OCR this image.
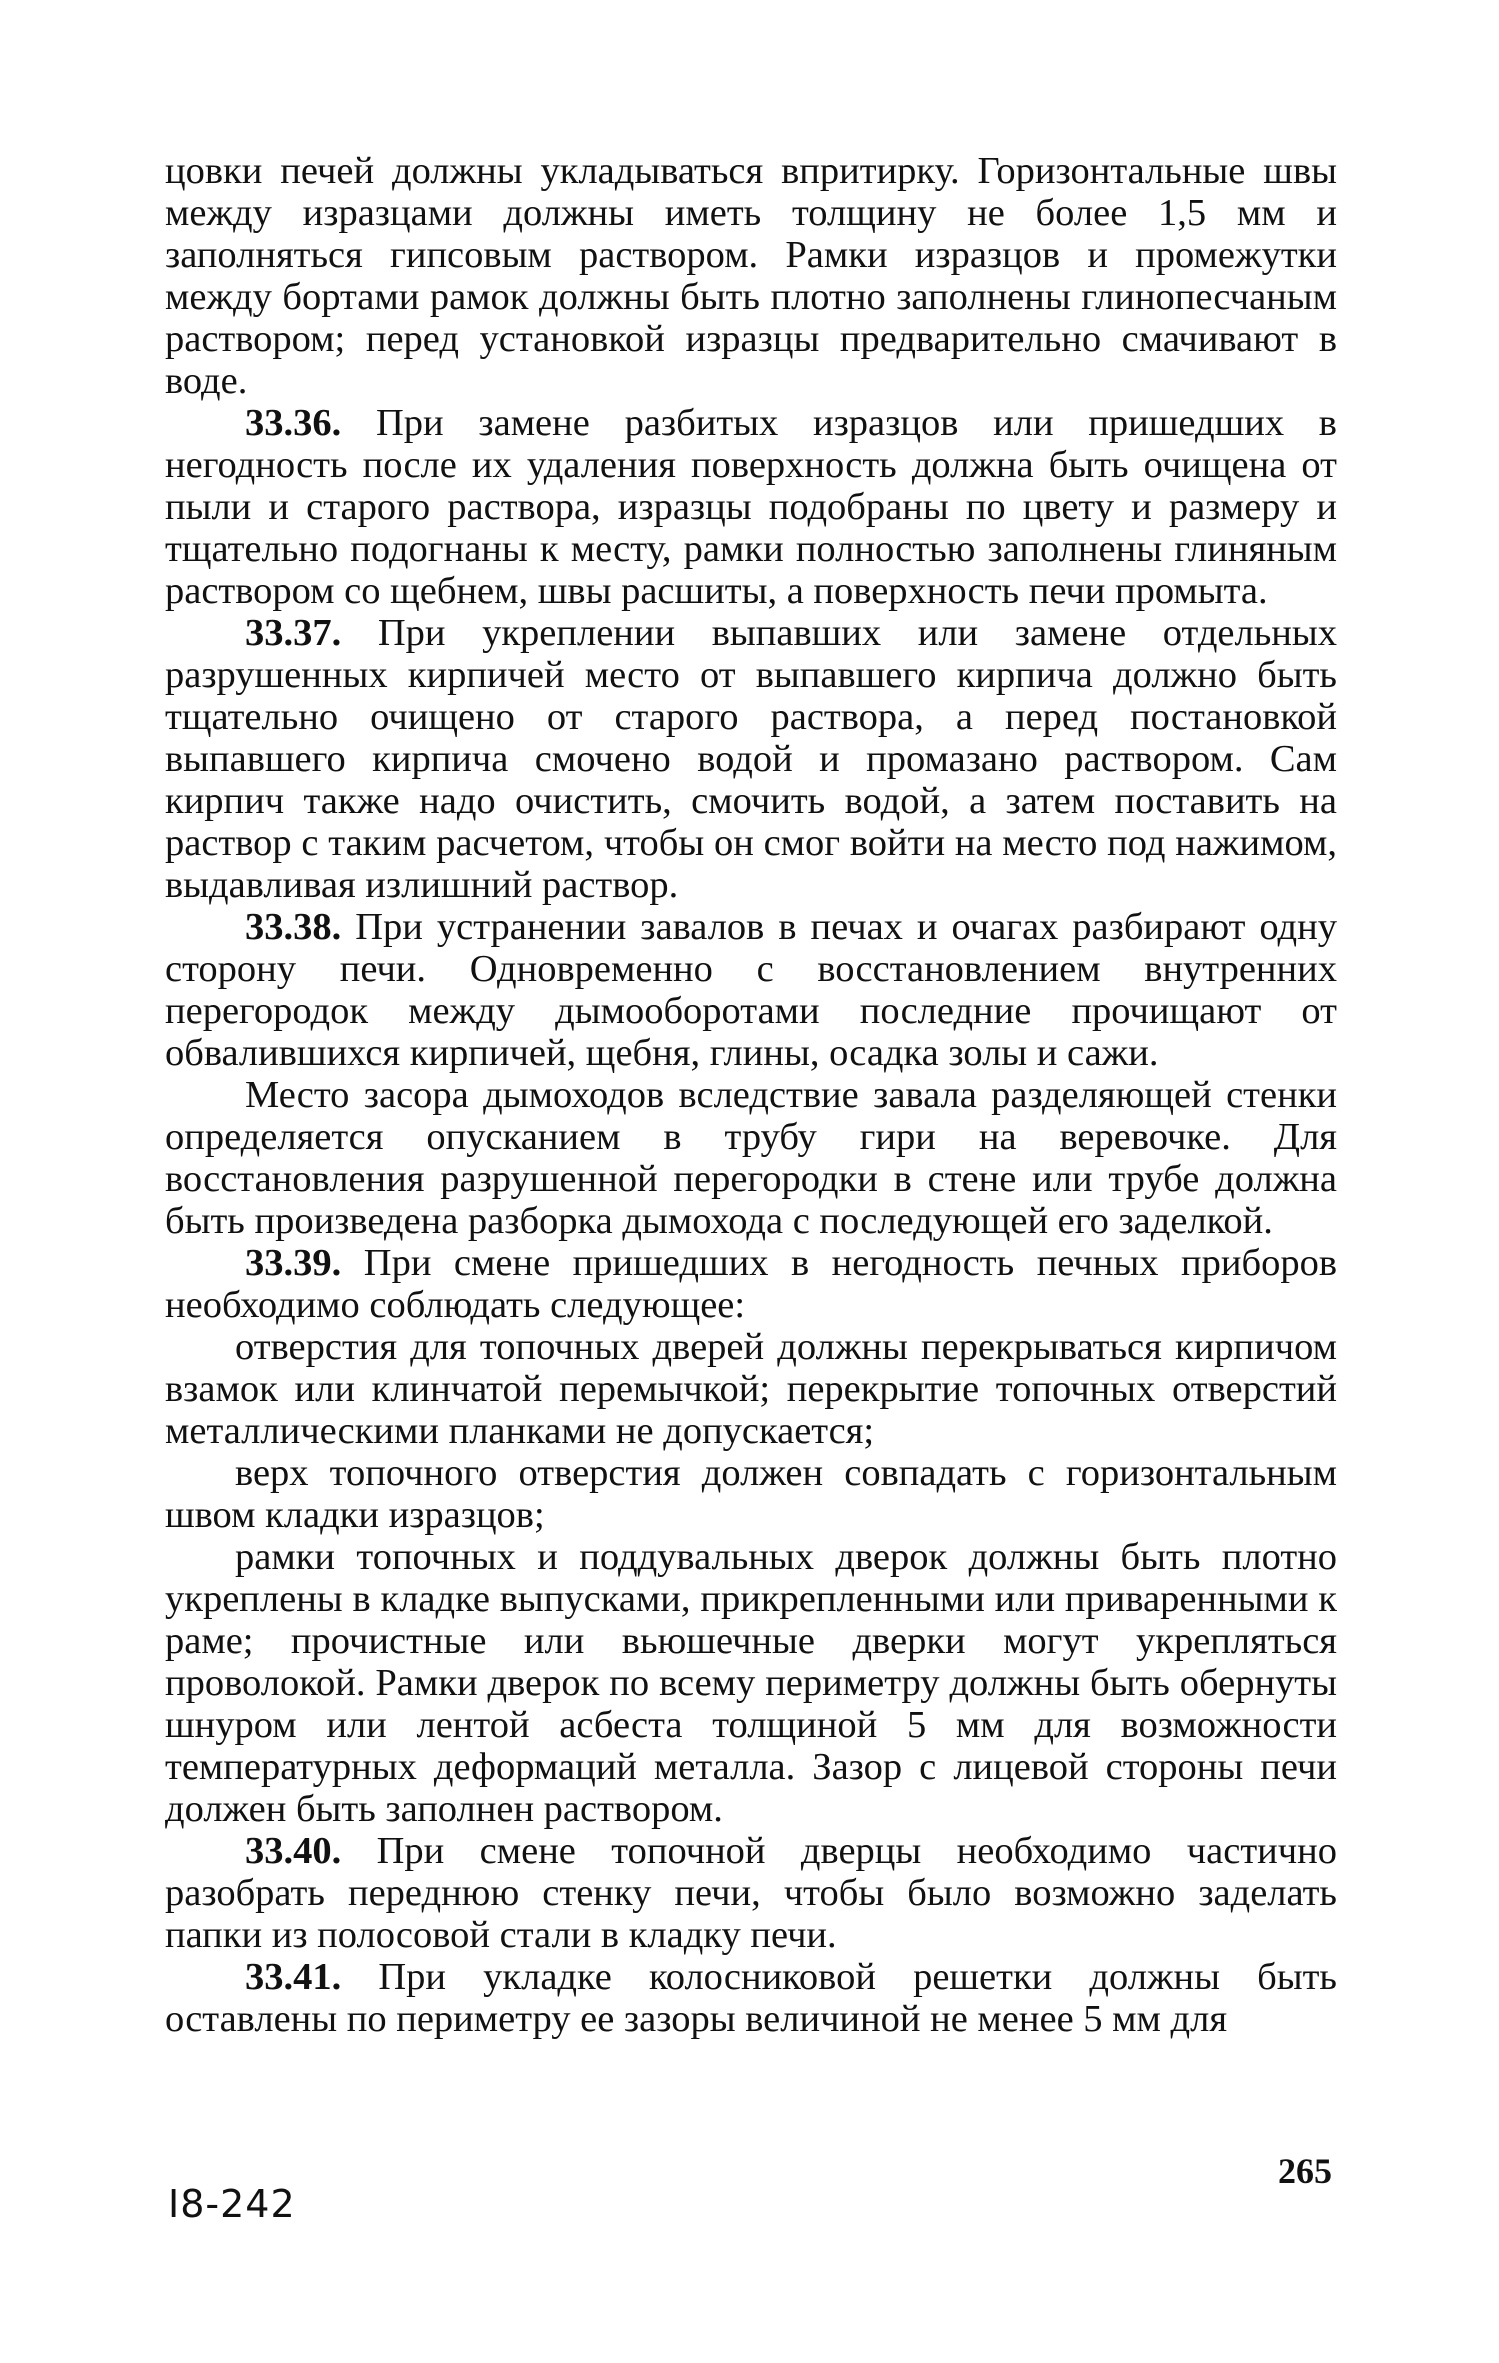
цовки печей должны укладываться впритирку. Горизонтальные швы между изразцами должны иметь толщину не более 1,5 мм и заполняться гипсовым раствором. Рамки изразцов и промежутки между бортами рамок должны быть плотно заполнены глинопесчаным раствором; перед установкой изразцы предварительно смачивают в воде.

33.36. При замене разбитых изразцов или пришедших в негодность после их удаления поверхность должна быть очищена от пыли и старого раствора, изразцы подобраны по цвету и размеру и тщательно подогнаны к месту, рамки полностью заполнены глиняным раствором со щебнем, швы расшиты, а поверхность печи промыта.

33.37. При укреплении выпавших или замене отдельных разрушенных кирпичей место от выпавшего кирпича должно быть тщательно очищено от старого раствора, а перед постановкой выпавшего кирпича смочено водой и промазано раствором. Сам кирпич также надо очистить, смочить водой, а затем поставить на раствор с таким расчетом, чтобы он смог войти на место под нажимом, выдавливая излишний раствор.

33.38. При устранении завалов в печах и очагах разбирают одну сторону печи. Одновременно с восстановлением внутренних перегородок между дымооборотами последние прочищают от обвалившихся кирпичей, щебня, глины, осадка золы и сажи.

Место засора дымоходов вследствие завала разделяющей стенки определяется опусканием в трубу гири на веревочке. Для восстановления разрушенной перегородки в стене или трубе должна быть произведена разборка дымохода с последующей его заделкой.

33.39. При смене пришедших в негодность печных приборов необходимо соблюдать следующее:

отверстия для топочных дверей должны перекрываться кирпичом взамок или клинчатой перемычкой; перекрытие топочных отверстий металлическими планками не допускается;

верх топочного отверстия должен совпадать с горизонтальным швом кладки изразцов;

рамки топочных и поддувальных дверок должны быть плотно укреплены в кладке выпусками, прикрепленными или приваренными к раме; прочистные или вьюшечные дверки могут укрепляться проволокой. Рамки дверок по всему периметру должны быть обернуты шнуром или лентой асбеста толщиной 5 мм для возможности температурных деформаций металла. Зазор с лицевой стороны печи должен быть заполнен раствором.

33.40. При смене топочной дверцы необходимо частично разобрать переднюю стенку печи, чтобы было возможно заделать папки из полосовой стали в кладку печи.

33.41. При укладке колосниковой решетки должны быть оставлены по периметру ее зазоры величиной не менее 5 мм для

I8-242
265
